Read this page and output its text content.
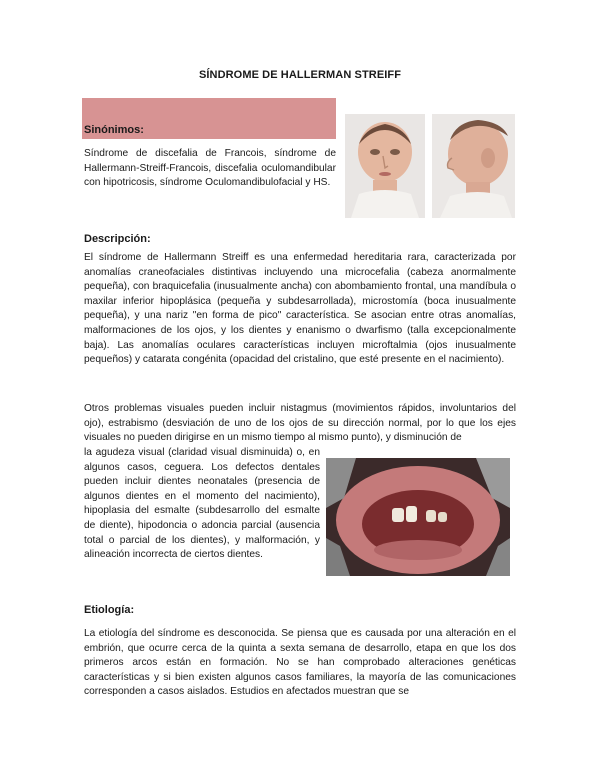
SÍNDROME DE HALLERMAN STREIFF
Sinónimos:

Síndrome de discefalia de Francois, síndrome de Hallermann-Streiff-Francois, discefalia oculomandibular con hipotricosis, síndrome Oculomandibulofacial y HS.

Descripción:

El síndrome de Hallermann Streiff es una enfermedad hereditaria rara, caracterizada por anomalías craneofaciales distintivas incluyendo una microcefalia (cabeza anormalmente pequeña), con braquicefalia (inusualmente ancha) con abombamiento frontal, una mandíbula o maxilar inferior hipoplásica (pequeña y subdesarrollada), microstomía (boca inusualmente pequeña), y una nariz "en forma de pico" característica. Se asocian entre otras anomalías, malformaciones de los ojos, y los dientes y enanismo o dwarfismo (talla excepcionalmente baja). Las anomalías oculares características incluyen microftalmia (ojos inusualmente pequeños) y catarata congénita (opacidad del cristalino, que esté presente en el nacimiento).

Otros problemas visuales pueden incluir nistagmus (movimientos rápidos, involuntarios del ojo), estrabismo (desviación de uno de los ojos de su dirección normal, por lo que los ejes visuales no pueden dirigirse en un mismo tiempo al mismo punto), y disminución de

la agudeza visual (claridad visual disminuida) o, en algunos casos, ceguera. Los defectos dentales pueden incluir dientes neonatales (presencia de algunos dientes en el momento del nacimiento), hipoplasia del esmalte (subdesarrollo del esmalte de diente), hipodoncia o adoncia parcial (ausencia total o parcial de los dientes), y malformación, y alineación incorrecta de ciertos dientes.

Etiología:

La etiología del síndrome es desconocida. Se piensa que es causada por una alteración en el embrión, que ocurre cerca de la quinta a sexta semana de desarrollo, etapa en que los dos primeros arcos están en formación. No se han comprobado alteraciones genéticas características y si bien existen algunos casos familiares, la mayoría de las comunicaciones corresponden a casos aislados. Estudios en afectados muestran que se
